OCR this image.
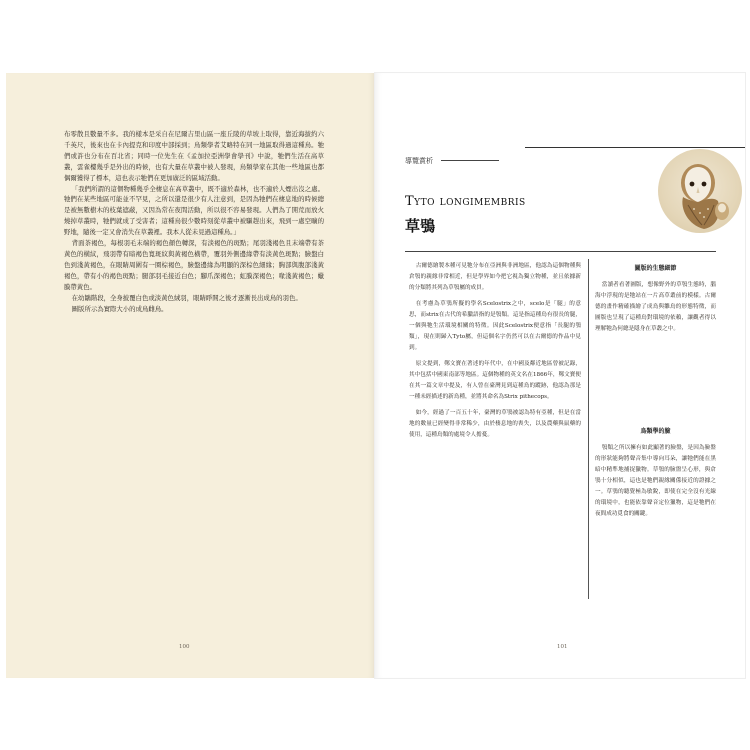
布零散且數量不多。我的樣本是采自在尼爾吉里山區一座丘陵的草坡上取得，靠近海拔約六千英尺，後來也在卡內提克和印度中部採到；鳥類學者艾略特在同一地區取得過這種鳥。牠們或許也分布在百北省；同時一位先生在《孟加拉亞洲學會學刊》中說，牠們生活在高草叢，雲雀樓幾乎是外出的時候，也有大量在草叢中被人發現，鳥類學家在其他一些地區也都偶爾獲得了標本，這也表示牠們在更加廣泛的區域活動。

「我們所謂的這個物種幾乎全棲息在高草叢中，既不適於森林，也不適於人煙出沒之處。牠們在某些地區可能並不罕見，之所以還是很少有人注意到，是因為牠們在棲息地的時候總是被無數樹木的枝葉遮蔽，又因為常在夜間活動，所以很不容易發現。人們為了開荒而放火燒掉草叢時，牠們就成了受害者；這種鳥很少數時刻從草叢中被驅趕出來，飛到一處空曠的野地，隨後一定又會消失在草叢裡。我本人從未見過這種鳥。」

背面茶褐色，每根羽毛末端的褐色顏色轉深，有淡褐色的斑點；尾羽淺褐色且末端帶有茶黃色的橫紋，飛羽帶有暗褐色寬斑紋與黃褐色橫帶，覆羽外側邊緣帶有淡黃色斑點；臉盤白色到淺黃褐色，在眼睛周圍有一圈棕褐色，臉盤邊緣為明顯的深棕色細緣；胸部與腹部淺黃褐色，帶有小的褐色斑點；腿部羽毛接近白色；腳爪深褐色；虹膜深褐色；喙淺黃褐色；蠟膜帶黃色。

在幼鶵階段，全身披覆白色或淡黃色絨羽，眼睛睜開之後才逐漸長出成鳥的羽色。

圖版所示為實際大小的成鳥雌鳥。

100
導覽賞析
Tyto longimembris
草鴞

古爾德繪製本種可見牠分布在亞洲與非洲地區，他認為這個物種與倉鴞的親緣非常相近，但是學界如今把它視為獨立物種，並且依據新的分類將其列為草鴞屬的成員。

在考慮為草鴞所擬的學名Scelostrix之中，scelo是「腿」的意思，而strix在古代的希臘語指的是鴞類。這是指這種鳥有很長的腿，一個與牠生活環境相關的特徵。因此Scelostrix便意指「長腿的鴞類」，現在則歸入Tyto屬，但這個名字仍然可以在古爾德的作品中見到。

原文提到，鄭文寶在著述的年代中，在中國及鄰近地區曾被記錄，其中包括中國東南部等地區。這個物種的英文名在1866年，鄭文寶便在其一篇文章中提及，有人曾在臺灣見到這種鳥的蹤跡，他認為那是一種未經描述的新鳥種，並將其命名為Strix pithecops。

如今，經過了一百五十年，臺灣的草鴞被認為特有亞種，但是在當地的數量已經變得非常稀少，由於棲息地的喪失，以及農藥與鼠藥的使用，這種鳥類的處境令人擔憂。

圖版的生態細節

當讀者看著圖版，想像野外的草鴞生態時，腦海中浮現的是牠站在一片高草叢前的模樣。古爾德的畫作精確描繪了成鳥與雛鳥的形態特徵，而圖版也呈現了這種鳥對環境的依賴，讓觀者得以理解牠為何總是隱身在草叢之中。

鳥類學的臉

鴞類之所以擁有如此顯著的臉盤，是因為臉盤的形狀能夠將聲音集中導向耳朵，讓牠們能在黑暗中精準地捕捉獵物。草鴞的臉盤呈心形，與倉鴞十分相似，這也是牠們親緣關係接近的證據之一。草鴞的聽覺極為敏銳，即使在完全沒有光線的環境中，也能依靠聲音定位獵物，這是牠們在夜間成功覓食的關鍵。

101
